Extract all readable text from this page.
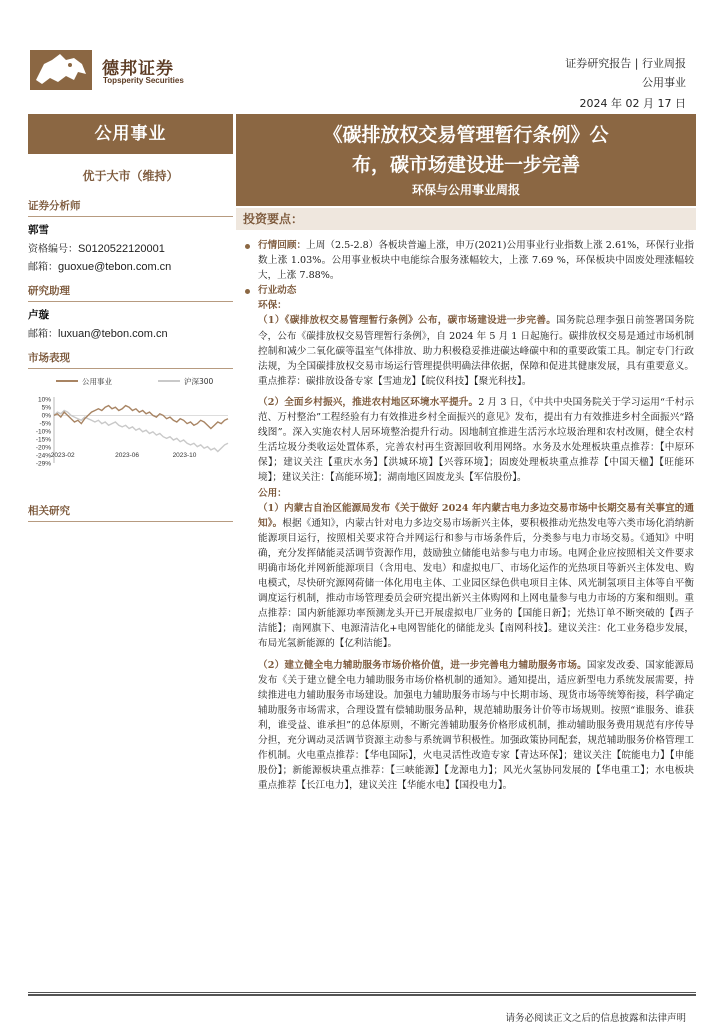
德邦证券
Topsperity Securities
证券研究报告 | 行业周报
公用事业
2024 年 02 月 17 日
公用事业
优于大市（维持）
证券分析师
郭雪
资格编号：S0120522120001
邮箱：guoxue@tebon.com.cn
研究助理
卢璇
邮箱：luxuan@tebon.com.cn
市场表现
公用事业	沪深300
10%
5%
0%
-5%
-10%
-15%
-20%
-24%
-29%
2023-02	2023-06	2023-10
相关研究
《碳排放权交易管理暂行条例》公
布，碳市场建设进一步完善
环保与公用事业周报
投资要点：
行情回顾：上周（2.5-2.8）各板块普遍上涨，申万(2021)公用事业行业指数上涨 2.61%，环保行业指数上涨 1.03%。公用事业板块中电能综合服务涨幅较大，上涨 7.69 %，环保板块中固废处理涨幅较大，上涨 7.88%。
行业动态
环保：
（1）《碳排放权交易管理暂行条例》公布，碳市场建设进一步完善。国务院总理李强日前签署国务院令，公布《碳排放权交易管理暂行条例》，自 2024 年 5 月 1 日起施行。碳排放权交易是通过市场机制控制和减少二氧化碳等温室气体排放、助力积极稳妥推进碳达峰碳中和的重要政策工具。制定专门行政法规，为全国碳排放权交易市场运行管理提供明确法律依据，保障和促进其健康发展，具有重要意义。重点推荐：碳排放设备专家【雪迪龙】【皖仪科技】【聚光科技】。
（2）全面乡村振兴，推进农村地区环境水平提升。2 月 3 日，《中共中央国务院关于学习运用“千村示范、万村整治”工程经验有力有效推进乡村全面振兴的意见》发布，提出有力有效推进乡村全面振兴“路线图”。深入实施农村人居环境整治提升行动。因地制宜推进生活污水垃圾治理和农村改厕，健全农村生活垃圾分类收运处置体系，完善农村再生资源回收利用网络。水务及水处理板块重点推荐：【中原环保】；建议关注【重庆水务】【洪城环境】【兴蓉环境】；固废处理板块重点推荐【中国天楹】【旺能环境】；建议关注：【高能环境】；湖南地区固废龙头【军信股份】。
公用：
（1）内蒙古自治区能源局发布《关于做好 2024 年内蒙古电力多边交易市场中长期交易有关事宜的通知》。根据《通知》，内蒙古针对电力多边交易市场新兴主体，要积极推动光热发电等六类市场化消纳新能源项目运行，按照相关要求符合并网运行和参与市场条件后，分类参与电力市场交易。《通知》中明确，充分发挥储能灵活调节资源作用，鼓励独立储能电站参与电力市场。电网企业应按照相关文件要求明确市场化并网新能源项目（含用电、发电）和虚拟电厂、市场化运作的光热项目等新兴主体发电、购电模式，尽快研究源网荷储一体化用电主体、工业园区绿色供电项目主体、风光制氢项目主体等自平衡调度运行机制，推动市场管理委员会研究提出新兴主体购网和上网电量参与电力市场的方案和细则。重点推荐：国内新能源功率预测龙头开已开展虚拟电厂业务的【国能日新】；光热订单不断突破的【西子洁能】；南网旗下、电源清洁化+电网智能化的储能龙头【南网科技】。建议关注：化工业务稳步发展，布局光氢新能源的【亿利洁能】。
（2）建立健全电力辅助服务市场价格价值，进一步完善电力辅助服务市场。国家发改委、国家能源局发布《关于建立健全电力辅助服务市场价格机制的通知》。通知提出，适应新型电力系统发展需要，持续推进电力辅助服务市场建设。加强电力辅助服务市场与中长期市场、现货市场等统筹衔接，科学确定辅助服务市场需求，合理设置有偿辅助服务品种，规范辅助服务计价等市场规则。按照“谁服务、谁获利，谁受益、谁承担”的总体原则，不断完善辅助服务价格形成机制，推动辅助服务费用规范有序传导分担，充分调动灵活调节资源主动参与系统调节积极性。加强政策协同配套，规范辅助服务价格管理工作机制。火电重点推荐：【华电国际】，火电灵活性改造专家【青达环保】；建议关注【皖能电力】【申能股份】；新能源板块重点推荐：【三峡能源】【龙源电力】；风光火氢协同发展的【华电重工】；水电板块重点推荐【长江电力】，建议关注【华能水电】【国投电力】。
请务必阅读正文之后的信息披露和法律声明
